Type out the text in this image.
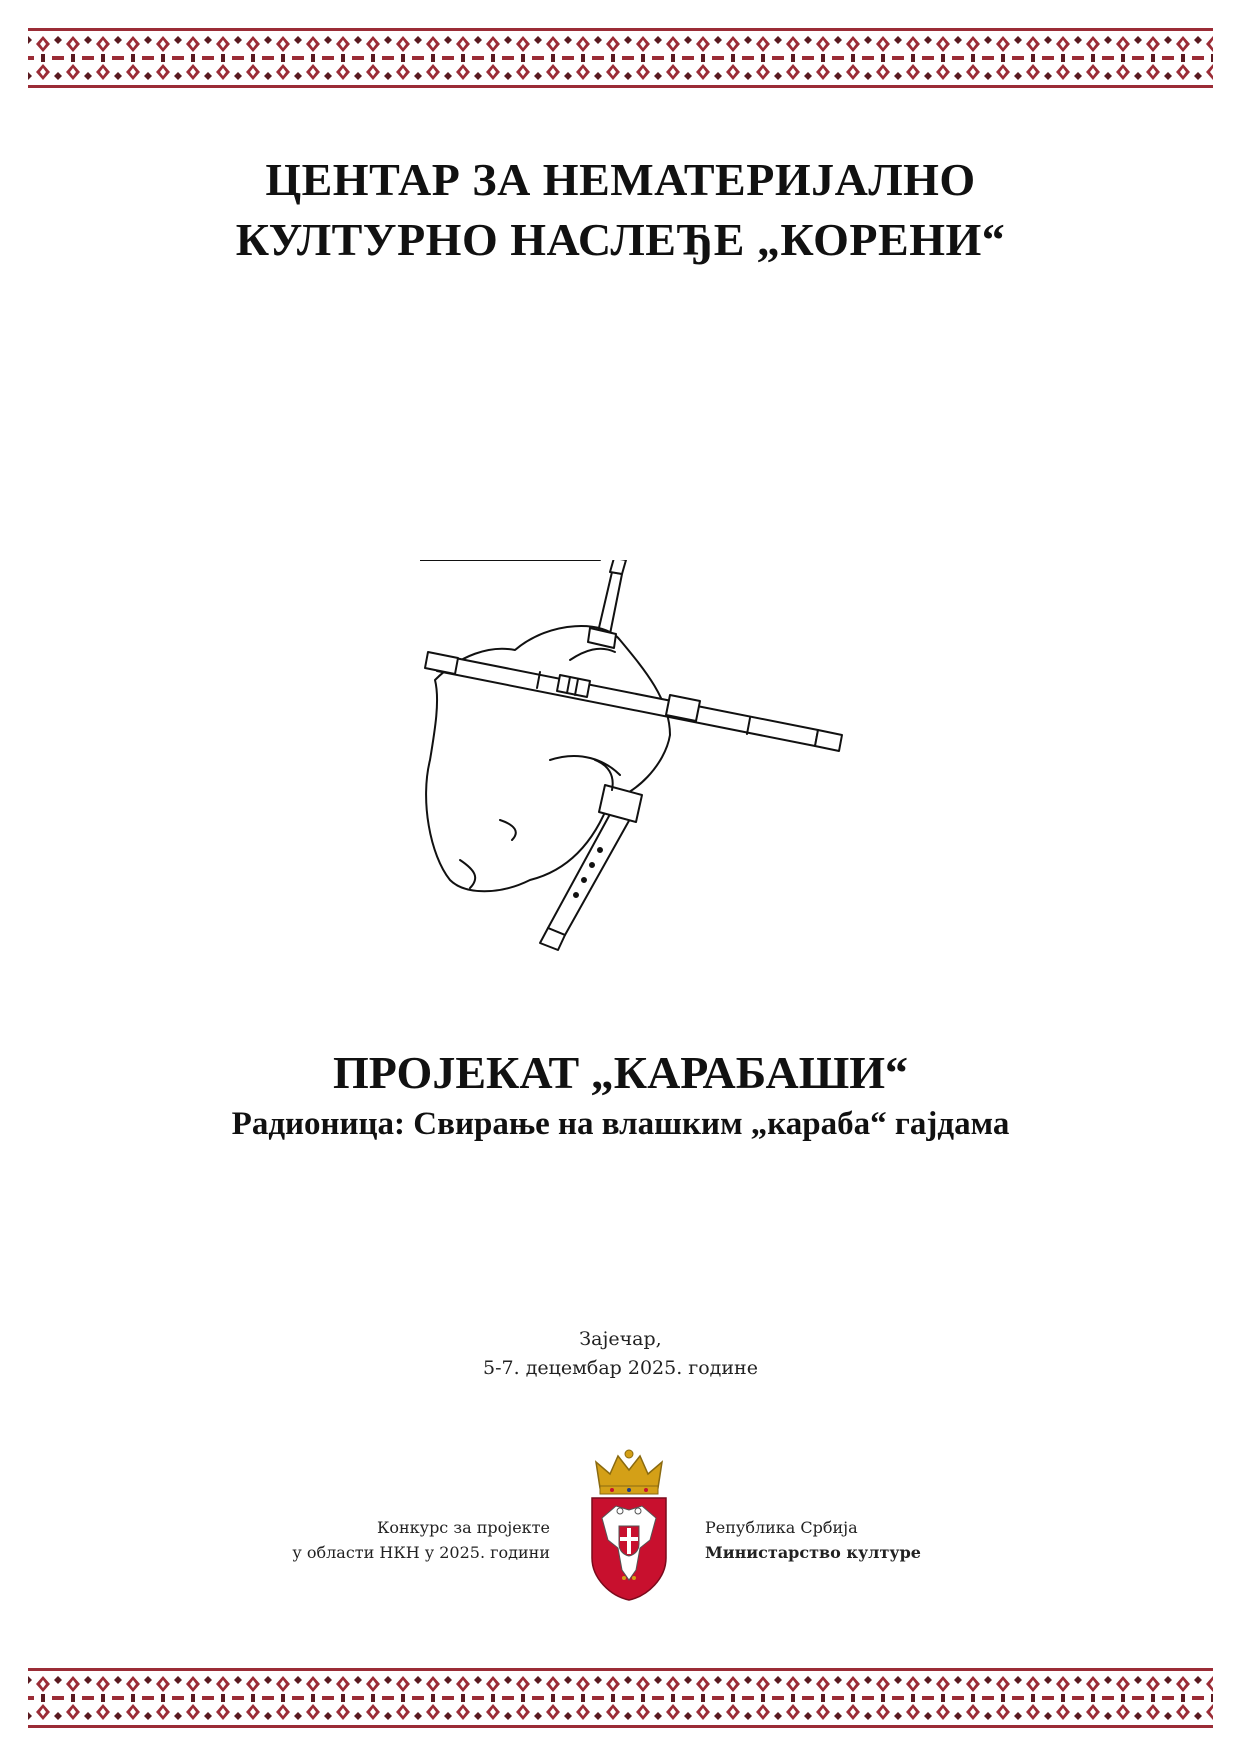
ЦЕНТАР ЗА НЕМАТЕРИЈАЛНО
КУЛТУРНО НАСЛЕЂЕ „КОРЕНИ“
ПРОЈЕКАТ „КАРАБАШИ“
Радионица: Свирање на влашким „караба“ гајдама
Зајечар,
5-7. децембар 2025. године
Конкурс за пројекте
у области НКН у 2025. години
Република Србија
Министарство културе
